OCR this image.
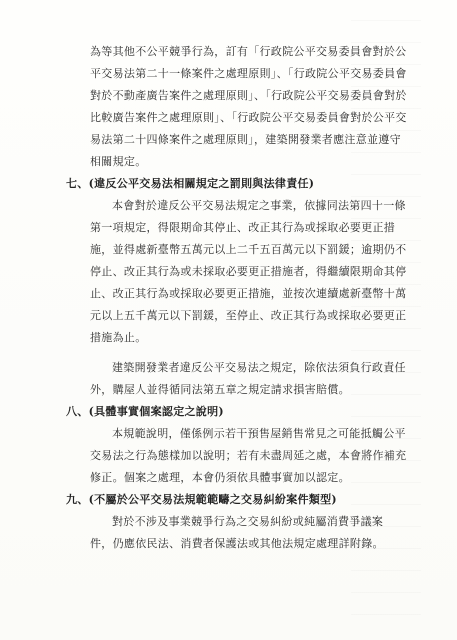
為等其他不公平競爭行為，訂有「行政院公平交易委員會對於公
平交易法第二十一條案件之處理原則」、「行政院公平交易委員會
對於不動產廣告案件之處理原則」、「行政院公平交易委員會對於
比較廣告案件之處理原則」、「行政院公平交易委員會對於公平交
易法第二十四條案件之處理原則」，建築開發業者應注意並遵守
相關規定。
七、(違反公平交易法相關規定之罰則與法律責任)
本會對於違反公平交易法規定之事業，依據同法第四十一條
第一項規定，得限期命其停止、改正其行為或採取必要更正措
施，並得處新臺幣五萬元以上二千五百萬元以下罰鍰；逾期仍不
停止、改正其行為或未採取必要更正措施者，得繼續限期命其停
止、改正其行為或採取必要更正措施，並按次連續處新臺幣十萬
元以上五千萬元以下罰鍰，至停止、改正其行為或採取必要更正
措施為止。
建築開發業者違反公平交易法之規定，除依法須負行政責任
外，購屋人並得循同法第五章之規定請求損害賠償。
八、(具體事實個案認定之說明)
本規範說明，僅係例示若干預售屋銷售常見之可能抵觸公平
交易法之行為態樣加以說明；若有未盡周延之處，本會將作補充
修正。個案之處理，本會仍須依具體事實加以認定。
九、(不屬於公平交易法規範範疇之交易糾紛案件類型)
對於不涉及事業競爭行為之交易糾紛或純屬消費爭議案
件，仍應依民法、消費者保護法或其他法規定處理詳附錄。
